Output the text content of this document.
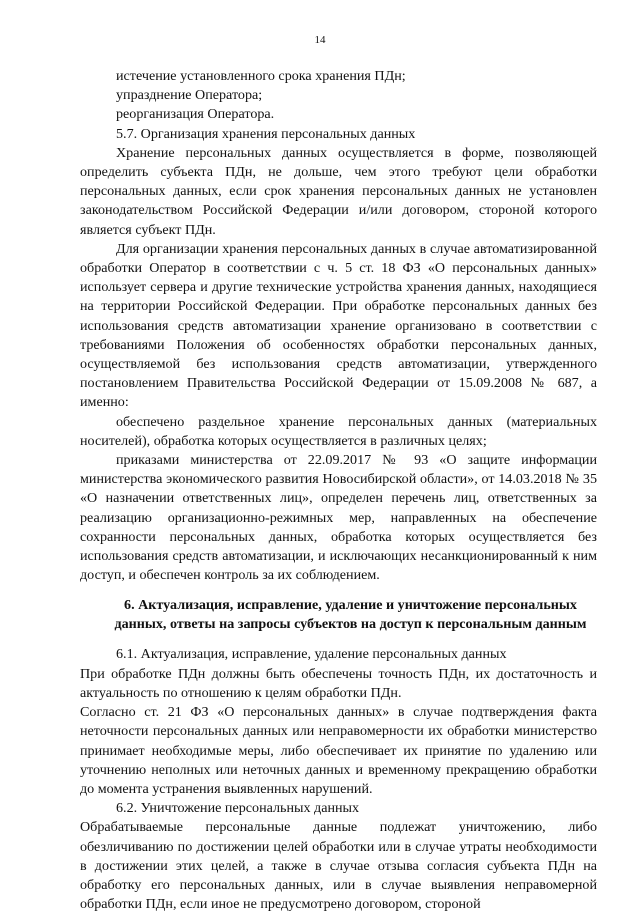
14

истечение установленного срока хранения ПДн;

упразднение Оператора;

реорганизация Оператора.

5.7. Организация хранения персональных данных

Хранение персональных данных осуществляется в форме, позволяющей определить субъекта ПДн, не дольше, чем этого требуют цели обработки персональных данных, если срок хранения персональных данных не установлен законодательством Российской Федерации и/или договором, стороной которого является субъект ПДн.

Для организации хранения персональных данных в случае автоматизированной обработки Оператор в соответствии с ч. 5 ст. 18 ФЗ «О персональных данных» использует сервера и другие технические устройства хранения данных, находящиеся на территории Российской Федерации. При обработке персональных данных без использования средств автоматизации хранение организовано в соответствии с требованиями Положения об особенностях обработки персональных данных, осуществляемой без использования средств автоматизации, утвержденного постановлением Правительства Российской Федерации от 15.09.2008 № 687, а именно:

обеспечено раздельное хранение персональных данных (материальных носителей), обработка которых осуществляется в различных целях;

приказами министерства от 22.09.2017 № 93 «О защите информации министерства экономического развития Новосибирской области», от 14.03.2018 № 35 «О назначении ответственных лиц», определен перечень лиц, ответственных за реализацию организационно-режимных мер, направленных на обеспечение сохранности персональных данных, обработка которых осуществляется без использования средств автоматизации, и исключающих несанкционированный к ним доступ, и обеспечен контроль за их соблюдением.

6. Актуализация, исправление, удаление и уничтожение персональных данных, ответы на запросы субъектов на доступ к персональным данным

6.1. Актуализация, исправление, удаление персональных данных

При обработке ПДн должны быть обеспечены точность ПДн, их достаточность и актуальность по отношению к целям обработки ПДн.

Согласно ст. 21 ФЗ «О персональных данных» в случае подтверждения факта неточности персональных данных или неправомерности их обработки министерство принимает необходимые меры, либо обеспечивает их принятие по удалению или уточнению неполных или неточных данных и временному прекращению обработки до момента устранения выявленных нарушений.

6.2. Уничтожение персональных данных

Обрабатываемые персональные данные подлежат уничтожению, либо обезличиванию по достижении целей обработки или в случае утраты необходимости в достижении этих целей, а также в случае отзыва согласия субъекта ПДн на обработку его персональных данных, или в случае выявления неправомерной обработки ПДн, если иное не предусмотрено договором, стороной
